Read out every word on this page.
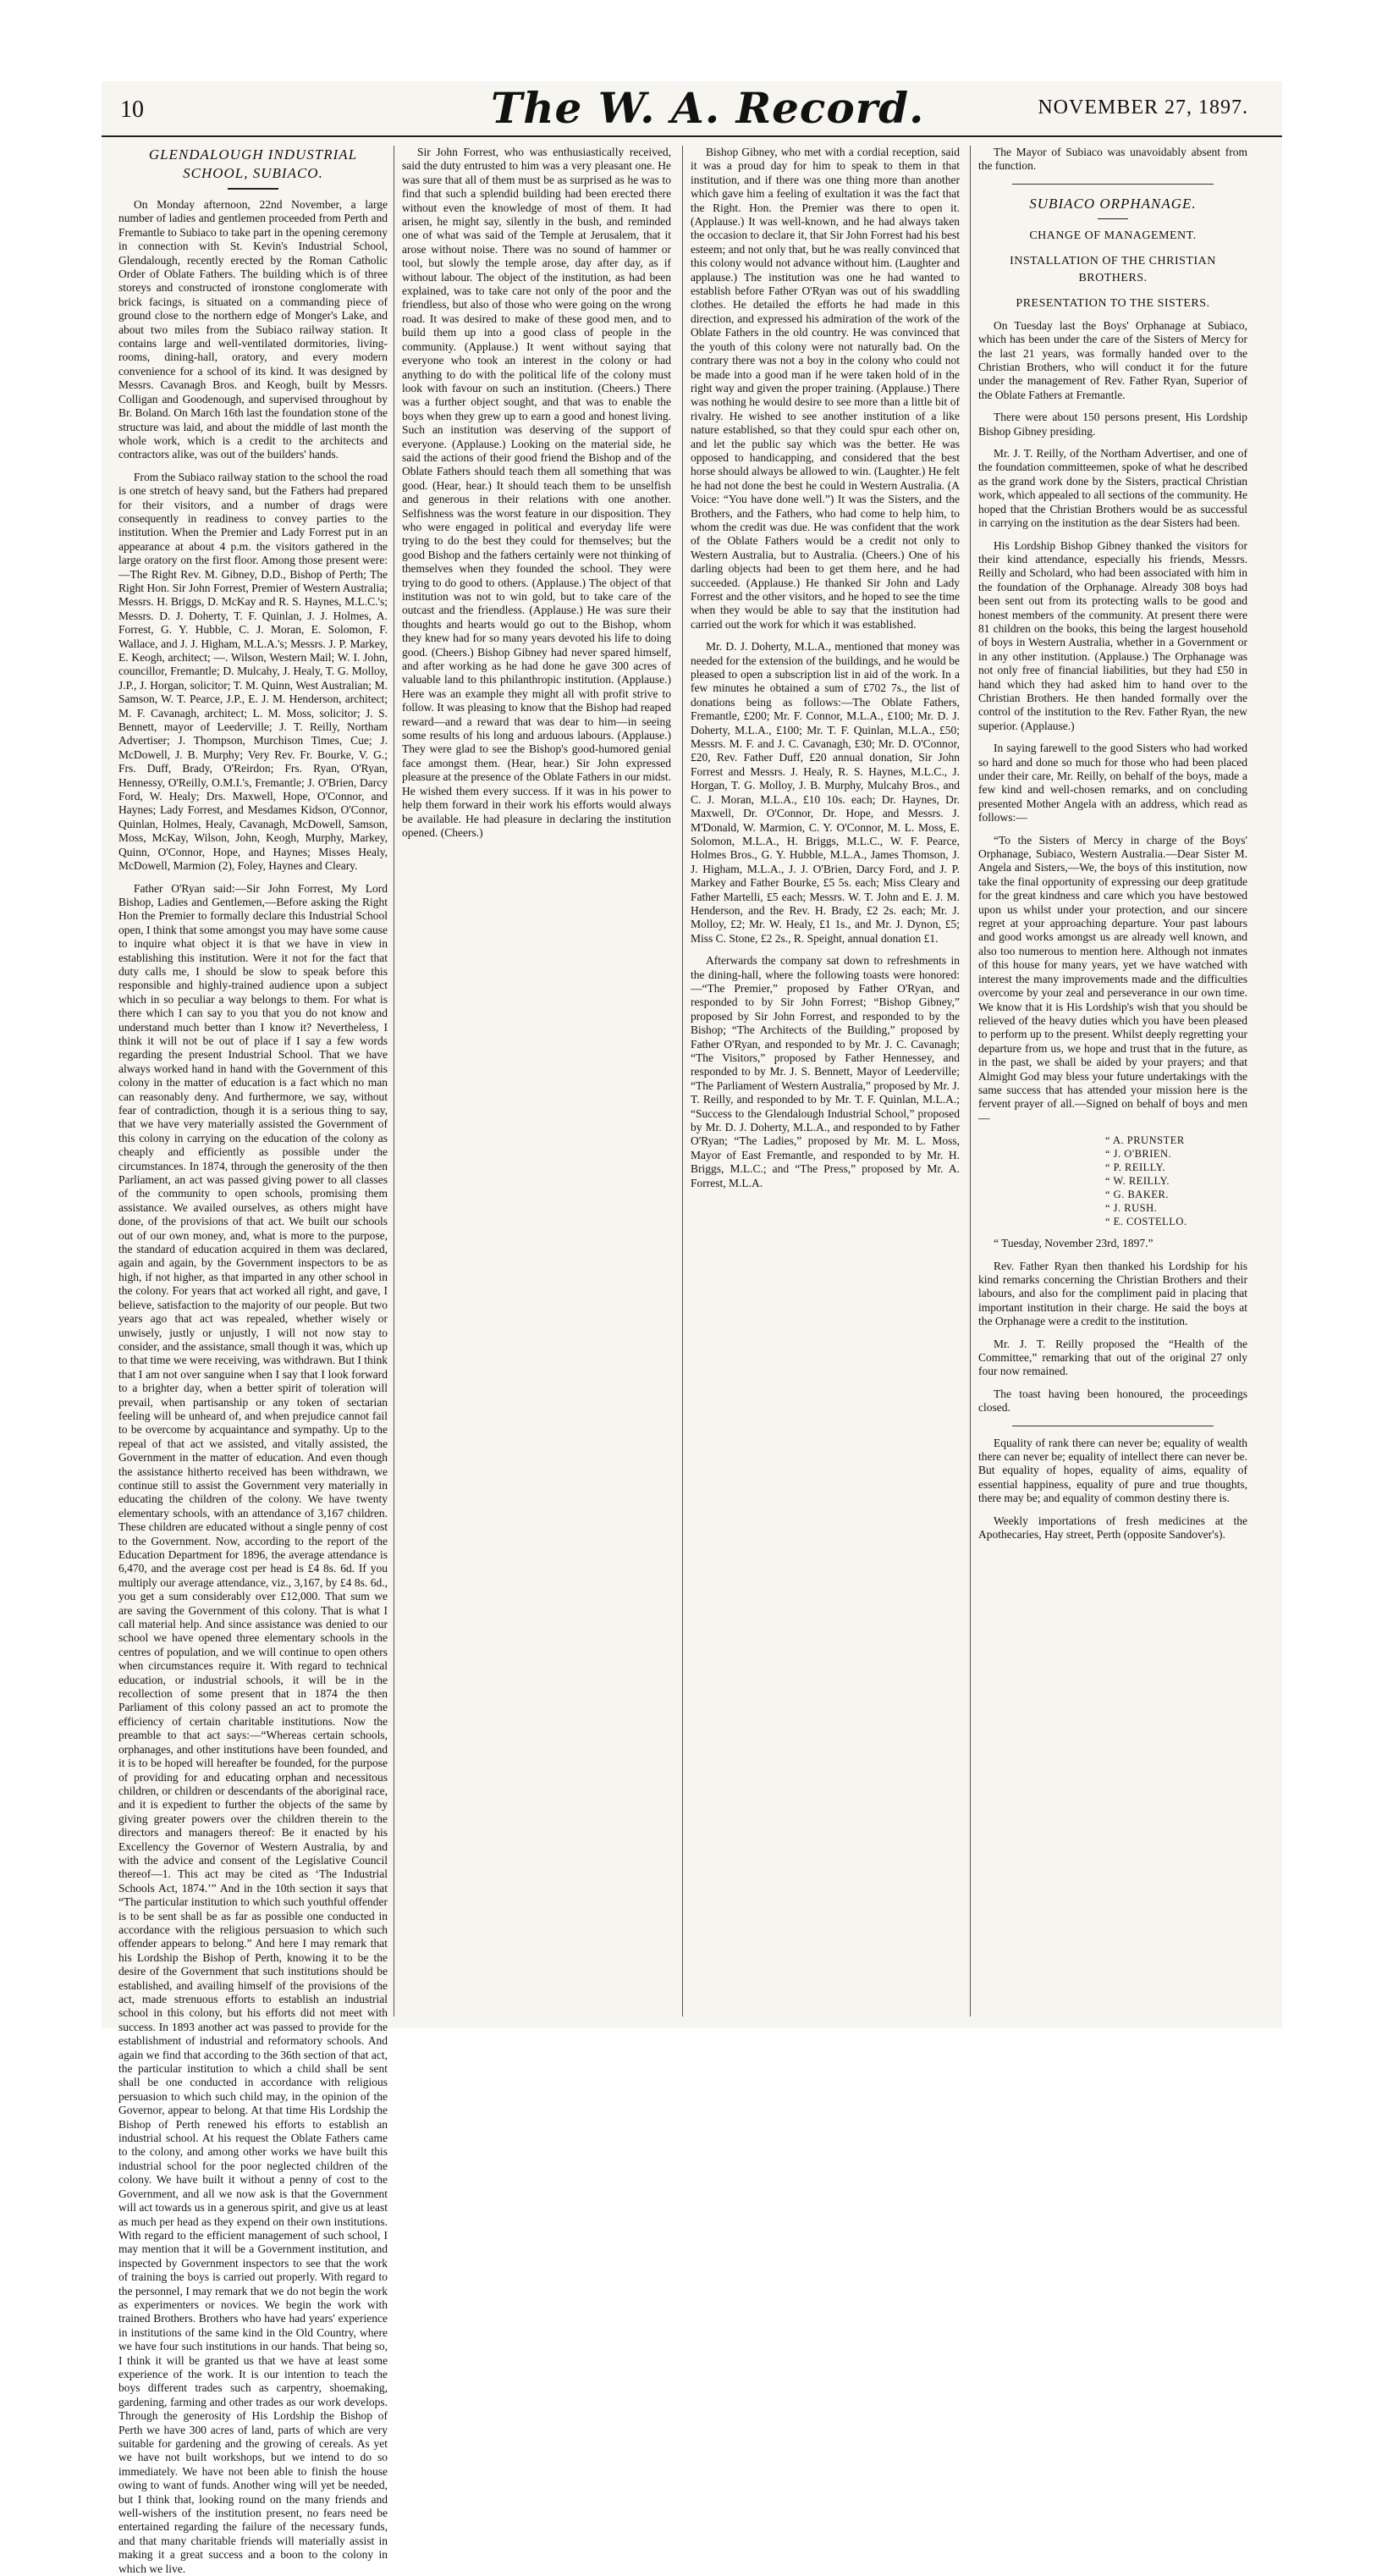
10	The W. A. Record.	NOVEMBER 27, 1897.
GLENDALOUGH INDUSTRIAL SCHOOL, SUBIACO.

On Monday afternoon, 22nd November, a large number of ladies and gentlemen proceeded from Perth and Fremantle to Subiaco to take part in the opening ceremony in connection with St. Kevin's Industrial School, Glendalough, recently erected by the Roman Catholic Order of Oblate Fathers. The building which is of three storeys and constructed of ironstone conglomerate with brick facings, is situated on a commanding piece of ground close to the northern edge of Monger's Lake, and about two miles from the Subiaco railway station. It contains large and well-ventilated dormitories, living-rooms, dining-hall, oratory, and every modern convenience for a school of its kind. It was designed by Messrs. Cavanagh Bros. and Keogh, built by Messrs. Colligan and Goodenough, and supervised throughout by Br. Boland. On March 16th last the foundation stone of the structure was laid, and about the middle of last month the whole work, which is a credit to the architects and contractors alike, was out of the builders' hands.

From the Subiaco railway station to the school the road is one stretch of heavy sand, but the Fathers had prepared for their visitors, and a number of drags were consequently in readiness to convey parties to the institution. When the Premier and Lady Forrest put in an appearance at about 4 p.m. the visitors gathered in the large oratory on the first floor. Among those present were:—The Right Rev. M. Gibney, D.D., Bishop of Perth; The Right Hon. Sir John Forrest, Premier of Western Australia; Messrs. H. Briggs, D. McKay and R. S. Haynes, M.L.C.'s; Messrs. D. J. Doherty, T. F. Quinlan, J. J. Holmes, A. Forrest, G. Y. Hubble, C. J. Moran, E. Solomon, F. Wallace, and J. J. Higham, M.L.A.'s; Messrs. J. P. Markey, E. Keogh, architect; —. Wilson, Western Mail; W. I. John, councillor, Fremantle; D. Mulcahy, J. Healy, T. G. Molloy, J.P., J. Horgan, solicitor; T. M. Quinn, West Australian; M. Samson, W. T. Pearce, J.P., E. J. M. Henderson, architect; M. F. Cavanagh, architect; L. M. Moss, solicitor; J. S. Bennett, mayor of Leederville; J. T. Reilly, Northam Advertiser; J. Thompson, Murchison Times, Cue; J. McDowell, J. B. Murphy; Very Rev. Fr. Bourke, V. G.; Frs. Duff, Brady, O'Reirdon; Frs. Ryan, O'Ryan, Hennessy, O'Reilly, O.M.I.'s, Fremantle; J. O'Brien, Darcy Ford, W. Healy; Drs. Maxwell, Hope, O'Connor, and Haynes; Lady Forrest, and Mesdames Kidson, O'Connor, Quinlan, Holmes, Healy, Cavanagh, McDowell, Samson, Moss, McKay, Wilson, John, Keogh, Murphy, Markey, Quinn, O'Connor, Hope, and Haynes; Misses Healy, McDowell, Marmion (2), Foley, Haynes and Cleary.

Father O'Ryan said:—Sir John Forrest, My Lord Bishop, Ladies and Gentlemen,—Before asking the Right Hon the Premier to formally declare this Industrial School open, I think that some amongst you may have some cause to inquire what object it is that we have in view in establishing this institution. Were it not for the fact that duty calls me, I should be slow to speak before this responsible and highly-trained audience upon a subject which in so peculiar a way belongs to them. For what is there which I can say to you that you do not know and understand much better than I know it? Nevertheless, I think it will not be out of place if I say a few words regarding the present Industrial School. That we have always worked hand in hand with the Government of this colony in the matter of education is a fact which no man can reasonably deny. And furthermore, we say, without fear of contradiction, though it is a serious thing to say, that we have very materially assisted the Government of this colony in carrying on the education of the colony as cheaply and efficiently as possible under the circumstances. In 1874, through the generosity of the then Parliament, an act was passed giving power to all classes of the community to open schools, promising them assistance. We availed ourselves, as others might have done, of the provisions of that act. We built our schools out of our own money, and, what is more to the purpose, the standard of education acquired in them was declared, again and again, by the Government inspectors to be as high, if not higher, as that imparted in any other school in the colony. For years that act worked all right, and gave, I believe, satisfaction to the majority of our people. But two years ago that act was repealed, whether wisely or unwisely, justly or unjustly, I will not now stay to consider, and the assistance, small though it was, which up to that time we were receiving, was withdrawn. But I think that I am not over sanguine when I say that I look forward to a brighter day, when a better spirit of toleration will prevail, when partisanship or any token of sectarian feeling will be unheard of, and when prejudice cannot fail to be overcome by acquaintance and sympathy. Up to the repeal of that act we assisted, and vitally assisted, the Government in the matter of education. And even though the assistance hitherto received has been withdrawn, we continue still to assist the Government very materially in educating the children of the colony. We have twenty elementary schools, with an attendance of 3,167 children. These children are educated without a single penny of cost to the Government. Now, according to the report of the Education Department for 1896, the average attendance is 6,470, and the average cost per head is £4 8s. 6d. If you multiply our average attendance, viz., 3,167, by £4 8s. 6d., you get a sum considerably over £12,000. That sum we are saving the Government of this colony. That is what I call material help. And since assistance was denied to our school we have opened three elementary schools in the centres of population, and we will continue to open others when circumstances require it. With regard to technical education, or industrial schools, it will be in the recollection of some present that in 1874 the then Parliament of this colony passed an act to promote the efficiency of certain charitable institutions. Now the preamble to that act says:—“Whereas certain schools, orphanages, and other institutions have been founded, and it is to be hoped will hereafter be founded, for the purpose of providing for and educating orphan and necessitous children, or children or descendants of the aboriginal race, and it is expedient to further the objects of the same by giving greater powers over the children therein to the directors and managers thereof: Be it enacted by his Excellency the Governor of Western Australia, by and with the advice and consent of the Legislative Council thereof—1. This act may be cited as ‘The Industrial Schools Act, 1874.’” And in the 10th section it says that “The particular institution to which such youthful offender is to be sent shall be as far as possible one conducted in accordance with the religious persuasion to which such offender appears to belong.” And here I may remark that his Lordship the Bishop of Perth, knowing it to be the desire of the Government that such institutions should be established, and availing himself of the provisions of the act, made strenuous efforts to establish an industrial school in this colony, but his efforts did not meet with success. In 1893 another act was passed to provide for the establishment of industrial and reformatory schools. And again we find that according to the 36th section of that act, the particular institution to which a child shall be sent shall be one conducted in accordance with religious persuasion to which such child may, in the opinion of the Governor, appear to belong. At that time His Lordship the Bishop of Perth renewed his efforts to establish an industrial school. At his request the Oblate Fathers came to the colony, and among other works we have built this industrial school for the poor neglected children of the colony. We have built it without a penny of cost to the Government, and all we now ask is that the Government will act towards us in a generous spirit, and give us at least as much per head as they expend on their own institutions. With regard to the efficient management of such school, I may mention that it will be a Government institution, and inspected by Government inspectors to see that the work of training the boys is carried out properly. With regard to the personnel, I may remark that we do not begin the work as experimenters or novices. We begin the work with trained Brothers. Brothers who have had years' experience in institutions of the same kind in the Old Country, where we have four such institutions in our hands. That being so, I think it will be granted us that we have at least some experience of the work. It is our intention to teach the boys different trades such as carpentry, shoemaking, gardening, farming and other trades as our work develops. Through the generosity of His Lordship the Bishop of Perth we have 300 acres of land, parts of which are very suitable for gardening and the growing of cereals. As yet we have not built workshops, but we intend to do so immediately. We have not been able to finish the house owing to want of funds. Another wing will yet be needed, but I think that, looking round on the many friends and well-wishers of the institution present, no fears need be entertained regarding the failure of the necessary funds, and that many charitable friends will materially assist in making it a great success and a boon to the colony in which we live.

Sir John Forrest, who was enthusiastically received, said the duty entrusted to him was a very pleasant one. He was sure that all of them must be as surprised as he was to find that such a splendid building had been erected there without even the knowledge of most of them. It had arisen, he might say, silently in the bush, and reminded one of what was said of the Temple at Jerusalem, that it arose without noise. There was no sound of hammer or tool, but slowly the temple arose, day after day, as if without labour. The object of the institution, as had been explained, was to take care not only of the poor and the friendless, but also of those who were going on the wrong road. It was desired to make of these good men, and to build them up into a good class of people in the community. (Applause.) It went without saying that everyone who took an interest in the colony or had anything to do with the political life of the colony must look with favour on such an institution. (Cheers.) There was a further object sought, and that was to enable the boys when they grew up to earn a good and honest living. Such an institution was deserving of the support of everyone. (Applause.) Looking on the material side, he said the actions of their good friend the Bishop and of the Oblate Fathers should teach them all something that was good. (Hear, hear.) It should teach them to be unselfish and generous in their relations with one another. Selfishness was the worst feature in our disposition. They who were engaged in political and everyday life were trying to do the best they could for themselves; but the good Bishop and the fathers certainly were not thinking of themselves when they founded the school. They were trying to do good to others. (Applause.) The object of that institution was not to win gold, but to take care of the outcast and the friendless. (Applause.) He was sure their thoughts and hearts would go out to the Bishop, whom they knew had for so many years devoted his life to doing good. (Cheers.) Bishop Gibney had never spared himself, and after working as he had done he gave 300 acres of valuable land to this philanthropic institution. (Applause.) Here was an example they might all with profit strive to follow. It was pleasing to know that the Bishop had reaped reward—and a reward that was dear to him—in seeing some results of his long and arduous labours. (Applause.) They were glad to see the Bishop's good-humored genial face amongst them. (Hear, hear.) Sir John expressed pleasure at the presence of the Oblate Fathers in our midst. He wished them every success. If it was in his power to help them forward in their work his efforts would always be available. He had pleasure in declaring the institution opened. (Cheers.)

Bishop Gibney, who met with a cordial reception, said it was a proud day for him to speak to them in that institution, and if there was one thing more than another which gave him a feeling of exultation it was the fact that the Right. Hon. the Premier was there to open it. (Applause.) It was well-known, and he had always taken the occasion to declare it, that Sir John Forrest had his best esteem; and not only that, but he was really convinced that this colony would not advance without him. (Laughter and applause.) The institution was one he had wanted to establish before Father O'Ryan was out of his swaddling clothes. He detailed the efforts he had made in this direction, and expressed his admiration of the work of the Oblate Fathers in the old country. He was convinced that the youth of this colony were not naturally bad. On the contrary there was not a boy in the colony who could not be made into a good man if he were taken hold of in the right way and given the proper training. (Applause.) There was nothing he would desire to see more than a little bit of rivalry. He wished to see another institution of a like nature established, so that they could spur each other on, and let the public say which was the better. He was opposed to handicapping, and considered that the best horse should always be allowed to win. (Laughter.) He felt he had not done the best he could in Western Australia. (A Voice: “You have done well.”) It was the Sisters, and the Brothers, and the Fathers, who had come to help him, to whom the credit was due. He was confident that the work of the Oblate Fathers would be a credit not only to Western Australia, but to Australia. (Cheers.) One of his darling objects had been to get them here, and he had succeeded. (Applause.) He thanked Sir John and Lady Forrest and the other visitors, and he hoped to see the time when they would be able to say that the institution had carried out the work for which it was established.

Mr. D. J. Doherty, M.L.A., mentioned that money was needed for the extension of the buildings, and he would be pleased to open a subscription list in aid of the work. In a few minutes he obtained a sum of £702 7s., the list of donations being as follows:—The Oblate Fathers, Fremantle, £200; Mr. F. Connor, M.L.A., £100; Mr. D. J. Doherty, M.L.A., £100; Mr. T. F. Quinlan, M.L.A., £50; Messrs. M. F. and J. C. Cavanagh, £30; Mr. D. O'Connor, £20, Rev. Father Duff, £20 annual donation, Sir John Forrest and Messrs. J. Healy, R. S. Haynes, M.L.C., J. Horgan, T. G. Molloy, J. B. Murphy, Mulcahy Bros., and C. J. Moran, M.L.A., £10 10s. each; Dr. Haynes, Dr. Maxwell, Dr. O'Connor, Dr. Hope, and Messrs. J. M'Donald, W. Marmion, C. Y. O'Connor, M. L. Moss, E. Solomon, M.L.A., H. Briggs, M.L.C., W. F. Pearce, Holmes Bros., G. Y. Hubble, M.L.A., James Thomson, J. J. Higham, M.L.A., J. J. O'Brien, Darcy Ford, and J. P. Markey and Father Bourke, £5 5s. each; Miss Cleary and Father Martelli, £5 each; Messrs. W. T. John and E. J. M. Henderson, and the Rev. H. Brady, £2 2s. each; Mr. J. Molloy, £2; Mr. W. Healy, £1 1s., and Mr. J. Dynon, £5; Miss C. Stone, £2 2s., R. Speight, annual donation £1.

Afterwards the company sat down to refreshments in the dining-hall, where the following toasts were honored:—“The Premier,” proposed by Father O'Ryan, and responded to by Sir John Forrest; “Bishop Gibney,” proposed by Sir John Forrest, and responded to by the Bishop; “The Architects of the Building,” proposed by Father O'Ryan, and responded to by Mr. J. C. Cavanagh; “The Visitors,” proposed by Father Hennessey, and responded to by Mr. J. S. Bennett, Mayor of Leederville; “The Parliament of Western Australia,” proposed by Mr. J. T. Reilly, and responded to by Mr. T. F. Quinlan, M.L.A.; “Success to the Glendalough Industrial School,” proposed by Mr. D. J. Doherty, M.L.A., and responded to by Father O'Ryan; “The Ladies,” proposed by Mr. M. L. Moss, Mayor of East Fremantle, and responded to by Mr. H. Briggs, M.L.C.; and “The Press,” proposed by Mr. A. Forrest, M.L.A.

The Mayor of Subiaco was unavoidably absent from the function.

SUBIACO ORPHANAGE.
CHANGE OF MANAGEMENT.
INSTALLATION OF THE CHRISTIAN BROTHERS.
PRESENTATION TO THE SISTERS.

On Tuesday last the Boys' Orphanage at Subiaco, which has been under the care of the Sisters of Mercy for the last 21 years, was formally handed over to the Christian Brothers, who will conduct it for the future under the management of Rev. Father Ryan, Superior of the Oblate Fathers at Fremantle.

There were about 150 persons present, His Lordship Bishop Gibney presiding.

Mr. J. T. Reilly, of the Northam Advertiser, and one of the foundation committeemen, spoke of what he described as the grand work done by the Sisters, practical Christian work, which appealed to all sections of the community. He hoped that the Christian Brothers would be as successful in carrying on the institution as the dear Sisters had been.

His Lordship Bishop Gibney thanked the visitors for their kind attendance, especially his friends, Messrs. Reilly and Scholard, who had been associated with him in the foundation of the Orphanage. Already 308 boys had been sent out from its protecting walls to be good and honest members of the community. At present there were 81 children on the books, this being the largest household of boys in Western Australia, whether in a Government or in any other institution. (Applause.) The Orphanage was not only free of financial liabilities, but they had £50 in hand which they had asked him to hand over to the Christian Brothers. He then handed formally over the control of the institution to the Rev. Father Ryan, the new superior. (Applause.)

In saying farewell to the good Sisters who had worked so hard and done so much for those who had been placed under their care, Mr. Reilly, on behalf of the boys, made a few kind and well-chosen remarks, and on concluding presented Mother Angela with an address, which read as follows:—

“To the Sisters of Mercy in charge of the Boys' Orphanage, Subiaco, Western Australia.—Dear Sister M. Angela and Sisters,—We, the boys of this institution, now take the final opportunity of expressing our deep gratitude for the great kindness and care which you have bestowed upon us whilst under your protection, and our sincere regret at your approaching departure. Your past labours and good works amongst us are already well known, and also too numerous to mention here. Although not inmates of this house for many years, yet we have watched with interest the many improvements made and the difficulties overcome by your zeal and perseverance in our own time. We know that it is His Lordship's wish that you should be relieved of the heavy duties which you have been pleased to perform up to the present. Whilst deeply regretting your departure from us, we hope and trust that in the future, as in the past, we shall be aided by your prayers; and that Almight God may bless your future undertakings with the same success that has attended your mission here is the fervent prayer of all.—Signed on behalf of boys and men—

“ A. PRUNSTER
“ J. O'BRIEN.
“ P. REILLY.
“ W. REILLY.
“ G. BAKER.
“ J. RUSH.
“ E. COSTELLO.

“ Tuesday, November 23rd, 1897.”

Rev. Father Ryan then thanked his Lordship for his kind remarks concerning the Christian Brothers and their labours, and also for the compliment paid in placing that important institution in their charge. He said the boys at the Orphanage were a credit to the institution.

Mr. J. T. Reilly proposed the “Health of the Committee,” remarking that out of the original 27 only four now remained.

The toast having been honoured, the proceedings closed.

Equality of rank there can never be; equality of wealth there can never be; equality of intellect there can never be. But equality of hopes, equality of aims, equality of essential happiness, equality of pure and true thoughts, there may be; and equality of common destiny there is.

Weekly importations of fresh medicines at the Apothecaries, Hay street, Perth (opposite Sandover's).
